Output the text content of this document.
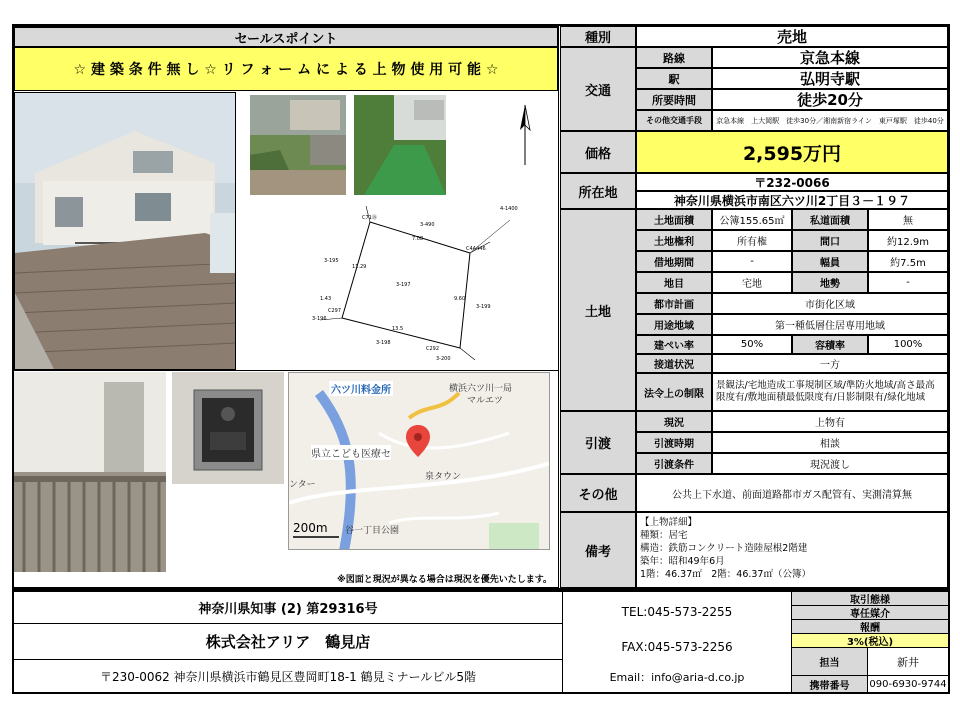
セールスポイント
☆ 建 築 条 件 無 し ☆ リ フ ォ ー ム に よ る 上 物 使 用 可 能 ☆
C71㉘
3-490
C4A446
3-195
3-197
3-199
C297
3-196
3-198
C292
3-200
4-1400
1.43
7.08
9.60
13.5
11.29
六ツ川料金所	横浜六ツ川一局
マルエツ
県立こども医療セ
泉タウン
200m 谷一丁目公園
ンター
※図面と現況が異なる場合は現況を優先いたします。
種別	売地
交通
路線	京急本線
駅	弘明寺駅
所要時間	徒歩20分
その他交通手段	京急本線　上大岡駅　徒歩30分／湘南新宿ライン　東戸塚駅　徒歩40分
価格	2,595万円
所在地
〒232-0066
神奈川県横浜市南区六ツ川2丁目３－１９７
土地
土地面積	公簿155.65㎡	私道面積	無
土地権利	所有権	間口	約12.9m
借地期間	-	幅員	約7.5m
地目	宅地	地勢	-
都市計画	市街化区域
用途地域	第一種低層住居専用地域
建ぺい率	50%	容積率	100%
接道状況	一方
法令上の制限
景観法/宅地造成工事規制区域/準防火地域/高さ最高限度有/敷地面積最低限度有/日影制限有/緑化地域
引渡
現況	上物有
引渡時期	相談
引渡条件	現況渡し
その他	公共上下水道、前面道路都市ガス配管有、実測清算無
備考
【上物詳細】
種類：居宅
構造：鉄筋コンクリート造陸屋根2階建
築年：昭和49年6月
1階：46.37㎡　2階：46.37㎡（公簿）
神奈川県知事 (2) 第29316号
株式会社アリア　鶴見店
〒230-0062 神奈川県横浜市鶴見区豊岡町18-1 鶴見ミナールビル5階
TEL:045-573-2255
FAX:045-573-2256
Email：info@aria-d.co.jp
取引態様
専任媒介
報酬
3%(税込)
担当	新井
携帯番号	090-6930-9744
